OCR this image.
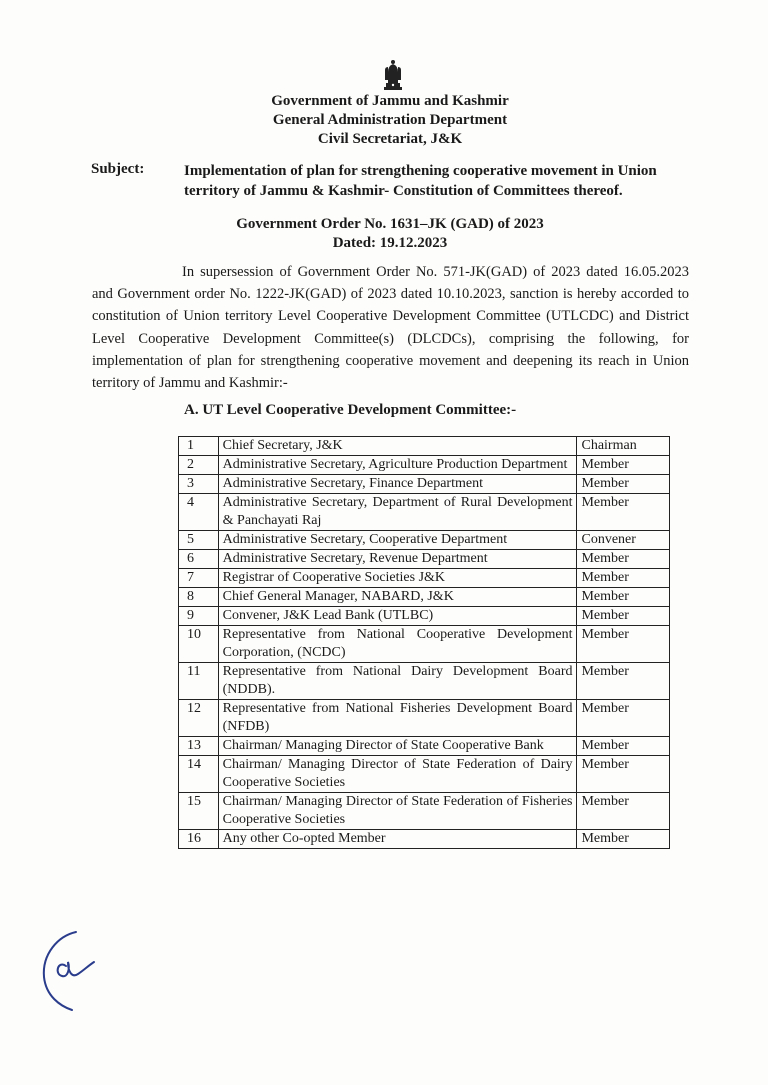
Government of Jammu and Kashmir
General Administration Department
Civil Secretariat, J&K
Subject:	Implementation of plan for strengthening cooperative movement in Union territory of Jammu & Kashmir- Constitution of Committees thereof.
Government Order No. 1631–JK (GAD) of 2023
Dated: 19.12.2023
In supersession of Government Order No. 571-JK(GAD) of 2023 dated 16.05.2023 and Government order No. 1222-JK(GAD) of 2023 dated 10.10.2023, sanction is hereby accorded to constitution of Union territory Level Cooperative Development Committee (UTLCDC) and District Level Cooperative Development Committee(s) (DLCDCs), comprising the following, for implementation of plan for strengthening cooperative movement and deepening its reach in Union territory of Jammu and Kashmir:-
A. UT Level Cooperative Development Committee:-
1	Chief Secretary, J&K	Chairman
2	Administrative Secretary, Agriculture Production Department	Member
3	Administrative Secretary, Finance Department	Member
4	Administrative Secretary, Department of Rural Development & Panchayati Raj	Member
5	Administrative Secretary, Cooperative Department	Convener
6	Administrative Secretary, Revenue Department	Member
7	Registrar of Cooperative Societies J&K	Member
8	Chief General Manager, NABARD, J&K	Member
9	Convener, J&K Lead Bank (UTLBC)	Member
10	Representative from National Cooperative Development Corporation, (NCDC)	Member
11	Representative from National Dairy Development Board (NDDB).	Member
12	Representative from National Fisheries Development Board (NFDB)	Member
13	Chairman/ Managing Director of State Cooperative Bank	Member
14	Chairman/ Managing Director of State Federation of Dairy Cooperative Societies	Member
15	Chairman/ Managing Director of State Federation of Fisheries Cooperative Societies	Member
16	Any other Co-opted Member	Member
